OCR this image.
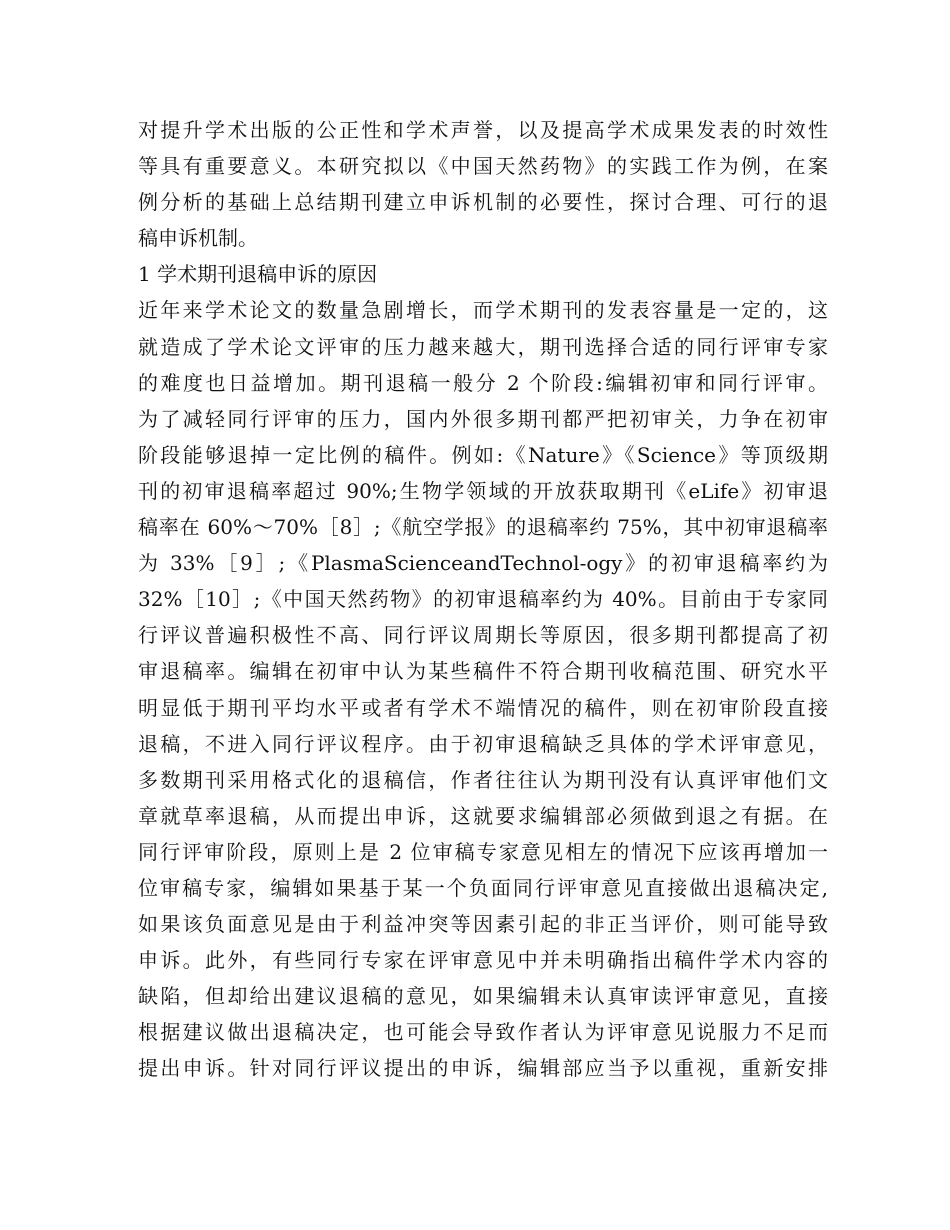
对提升学术出版的公正性和学术声誉，以及提高学术成果发表的时效性
等具有重要意义。本研究拟以《中国天然药物》的实践工作为例，在案
例分析的基础上总结期刊建立申诉机制的必要性，探讨合理、可行的退
稿申诉机制。
1 学术期刊退稿申诉的原因
近年来学术论文的数量急剧增长，而学术期刊的发表容量是一定的，这
就造成了学术论文评审的压力越来越大，期刊选择合适的同行评审专家
的难度也日益增加。期刊退稿一般分 2 个阶段:编辑初审和同行评审。
为了减轻同行评审的压力，国内外很多期刊都严把初审关，力争在初审
阶段能够退掉一定比例的稿件。例如:《Nature》《Science》等顶级期
刊的初审退稿率超过 90%;生物学领域的开放获取期刊《eLife》初审退
稿率在 60%～70%［8］;《航空学报》的退稿率约 75%，其中初审退稿率
为 33%［9］;《PlasmaScienceandTechnol-ogy》的初审退稿率约为
32%［10］;《中国天然药物》的初审退稿率约为 40%。目前由于专家同
行评议普遍积极性不高、同行评议周期长等原因，很多期刊都提高了初
审退稿率。编辑在初审中认为某些稿件不符合期刊收稿范围、研究水平
明显低于期刊平均水平或者有学术不端情况的稿件，则在初审阶段直接
退稿，不进入同行评议程序。由于初审退稿缺乏具体的学术评审意见，
多数期刊采用格式化的退稿信，作者往往认为期刊没有认真评审他们文
章就草率退稿，从而提出申诉，这就要求编辑部必须做到退之有据。在
同行评审阶段，原则上是 2 位审稿专家意见相左的情况下应该再增加一
位审稿专家，编辑如果基于某一个负面同行评审意见直接做出退稿决定,
如果该负面意见是由于利益冲突等因素引起的非正当评价，则可能导致
申诉。此外，有些同行专家在评审意见中并未明确指出稿件学术内容的
缺陷，但却给出建议退稿的意见，如果编辑未认真审读评审意见，直接
根据建议做出退稿决定，也可能会导致作者认为评审意见说服力不足而
提出申诉。针对同行评议提出的申诉，编辑部应当予以重视，重新安排
